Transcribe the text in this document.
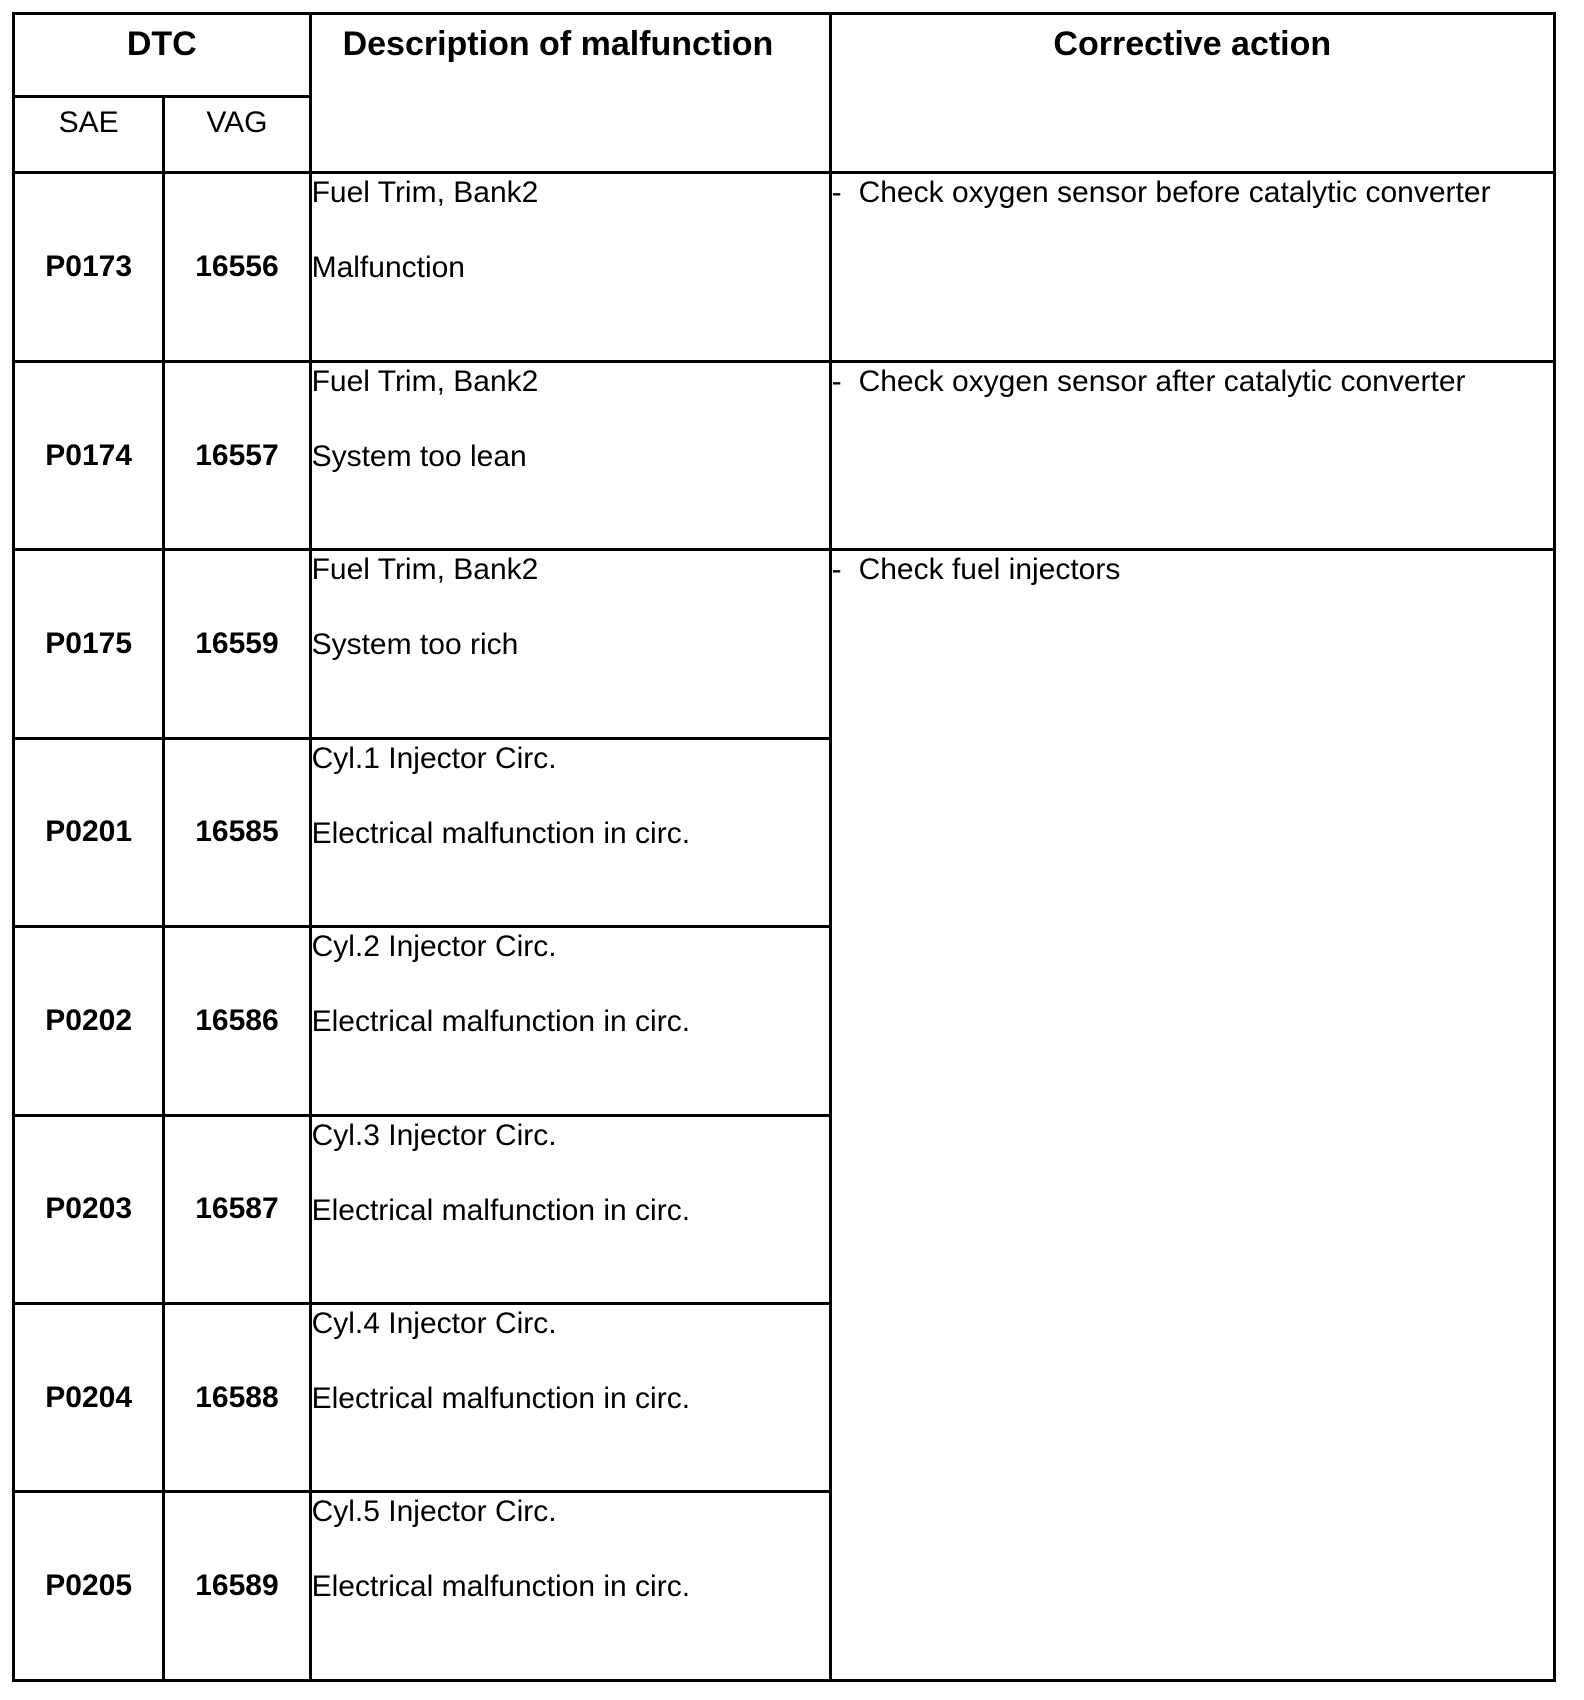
DTC		Description of malfunction	Corrective action
SAE	VAG		
P0173	16556	Fuel Trim, Bank2
Malfunction	- Check oxygen sensor before catalytic converter

P0174	16557	Fuel Trim, Bank2
System too lean	- Check oxygen sensor after catalytic converter

P0175	16559	Fuel Trim, Bank2
System too rich	- Check fuel injectors

P0201	16585	Cyl.1 Injector Circ.
Electrical malfunction in circ.	

P0202	16586	Cyl.2 Injector Circ.
Electrical malfunction in circ.	

P0203	16587	Cyl.3 Injector Circ.
Electrical malfunction in circ.	

P0204	16588	Cyl.4 Injector Circ.
Electrical malfunction in circ.	

P0205	16589	Cyl.5 Injector Circ.
Electrical malfunction in circ.	
